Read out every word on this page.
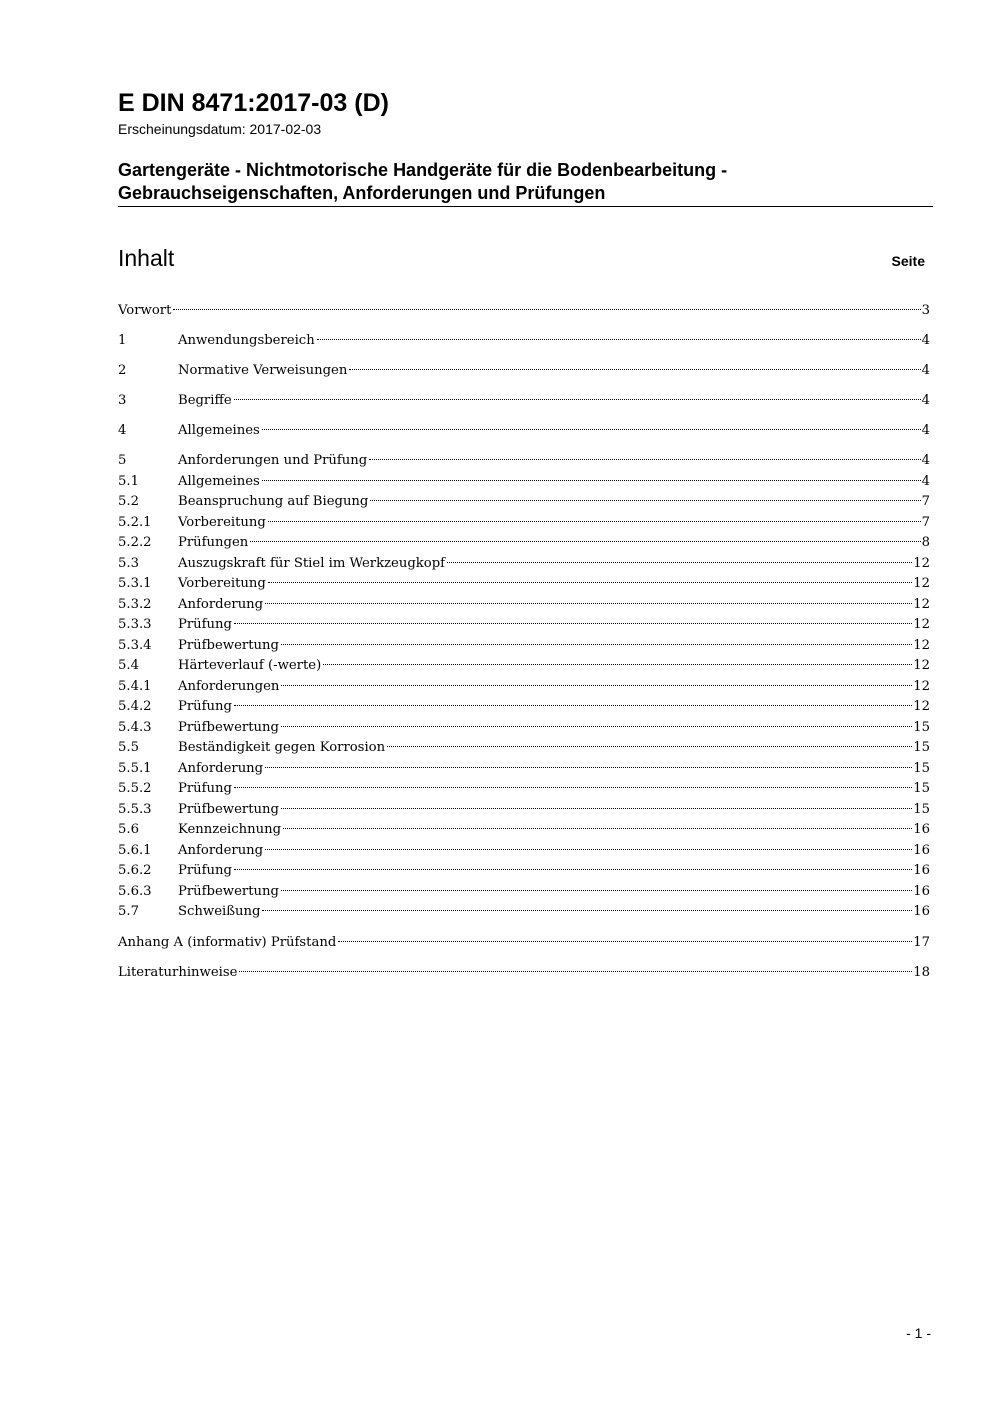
E DIN 8471:2017-03 (D)
Erscheinungsdatum: 2017-02-03
Gartengeräte - Nichtmotorische Handgeräte für die Bodenbearbeitung -
Gebrauchseigenschaften, Anforderungen und Prüfungen
Inhalt	Seite
Vorwort	3
1	Anwendungsbereich	4
2	Normative Verweisungen	4
3	Begriffe	4
4	Allgemeines	4
5	Anforderungen und Prüfung	4
5.1	Allgemeines	4
5.2	Beanspruchung auf Biegung	7
5.2.1	Vorbereitung	7
5.2.2	Prüfungen	8
5.3	Auszugskraft für Stiel im Werkzeugkopf	12
5.3.1	Vorbereitung	12
5.3.2	Anforderung	12
5.3.3	Prüfung	12
5.3.4	Prüfbewertung	12
5.4	Härteverlauf (-werte)	12
5.4.1	Anforderungen	12
5.4.2	Prüfung	12
5.4.3	Prüfbewertung	15
5.5	Beständigkeit gegen Korrosion	15
5.5.1	Anforderung	15
5.5.2	Prüfung	15
5.5.3	Prüfbewertung	15
5.6	Kennzeichnung	16
5.6.1	Anforderung	16
5.6.2	Prüfung	16
5.6.3	Prüfbewertung	16
5.7	Schweißung	16
Anhang A (informativ) Prüfstand	17
Literaturhinweise	18
- 1 -
